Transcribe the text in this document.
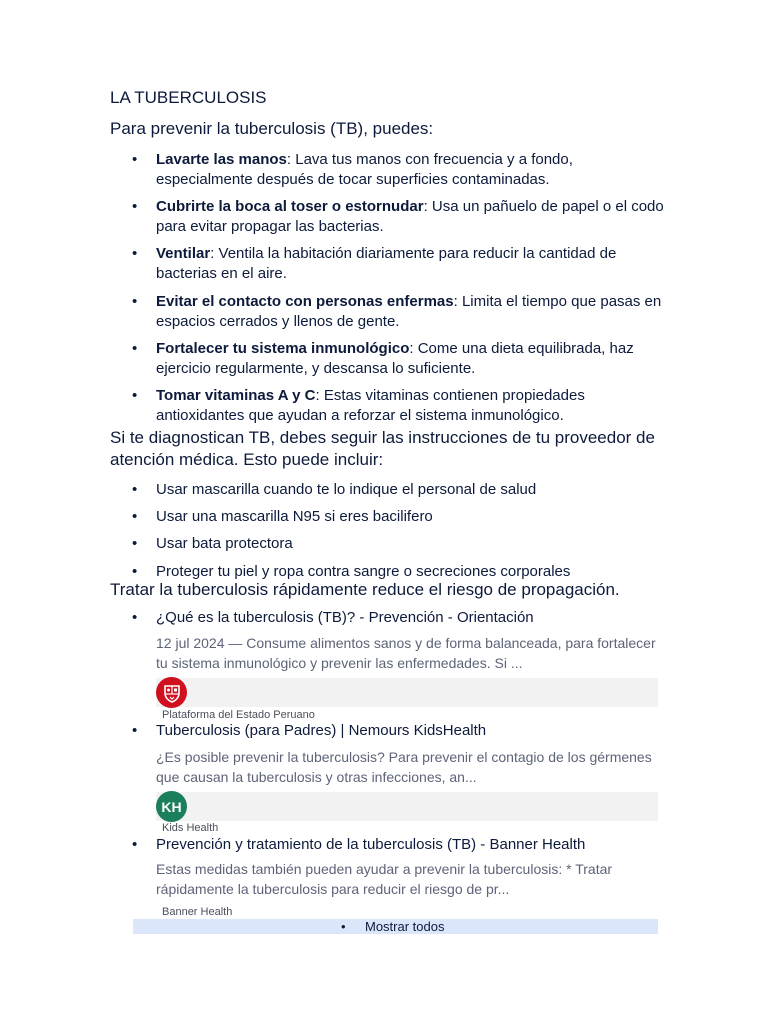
LA TUBERCULOSIS
Para prevenir la tuberculosis (TB), puedes:
• Lavarte las manos: Lava tus manos con frecuencia y a fondo, especialmente después de tocar superficies contaminadas.
• Cubrirte la boca al toser o estornudar: Usa un pañuelo de papel o el codo para evitar propagar las bacterias.
• Ventilar: Ventila la habitación diariamente para reducir la cantidad de bacterias en el aire.
• Evitar el contacto con personas enfermas: Limita el tiempo que pasas en espacios cerrados y llenos de gente.
• Fortalecer tu sistema inmunológico: Come una dieta equilibrada, haz ejercicio regularmente, y descansa lo suficiente.
• Tomar vitaminas A y C: Estas vitaminas contienen propiedades antioxidantes que ayudan a reforzar el sistema inmunológico.
Si te diagnostican TB, debes seguir las instrucciones de tu proveedor de atención médica. Esto puede incluir:
• Usar mascarilla cuando te lo indique el personal de salud
• Usar una mascarilla N95 si eres bacilifero
• Usar bata protectora
• Proteger tu piel y ropa contra sangre o secreciones corporales
Tratar la tuberculosis rápidamente reduce el riesgo de propagación.
• ¿Qué es la tuberculosis (TB)? - Prevención - Orientación
• Tuberculosis (para Padres) | Nemours KidsHealth
• Prevención y tratamiento de la tuberculosis (TB) - Banner Health
12 jul 2024 — Consume alimentos sanos y de forma balanceada, para fortalecer tu sistema inmunológico y prevenir las enfermedades. Si ...
Plataforma del Estado Peruano
¿Es posible prevenir la tuberculosis? Para prevenir el contagio de los gérmenes que causan la tuberculosis y otras infecciones, an...
KH
Kids Health
Estas medidas también pueden ayudar a prevenir la tuberculosis: * Tratar rápidamente la tuberculosis para reducir el riesgo de pr...
Banner Health
• Mostrar todos
